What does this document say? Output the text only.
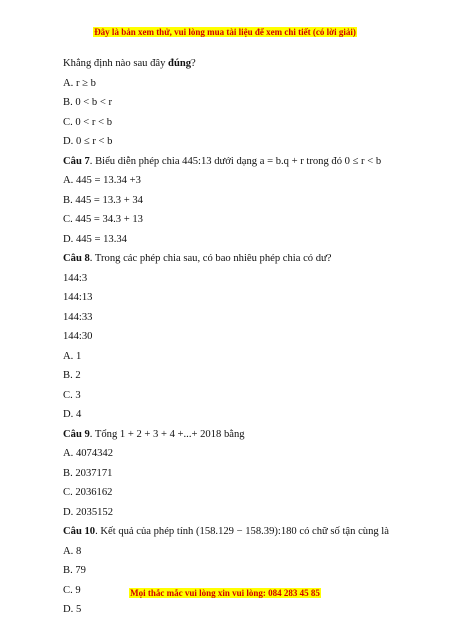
Đây là bản xem thử, vui lòng mua tài liệu để xem chi tiết (có lời giải)
Khẳng định nào sau đây đúng?
A. r ≥ b
B. 0 < b < r
C. 0 < r < b
D. 0 ≤ r < b
Câu 7. Biểu diễn phép chia 445:13 dưới dạng a = b.q + r trong đó 0 ≤ r < b
A. 445 = 13.34 +3
B. 445 = 13.3 + 34
C. 445 = 34.3 + 13
D. 445 = 13.34
Câu 8. Trong các phép chia sau, có bao nhiêu phép chia có dư?
144:3
144:13
144:33
144:30
A. 1
B. 2
C. 3
D. 4
Câu 9. Tổng 1 + 2 + 3 + 4 +...+ 2018 bằng
A. 4074342
B. 2037171
C. 2036162
D. 2035152
Câu 10. Kết quả của phép tính (158.129 − 158.39):180 có chữ số tận cùng là
A. 8
B. 79
C. 9
D. 5
Mọi thắc mắc vui lòng xin vui lòng: 084 283 45 85
